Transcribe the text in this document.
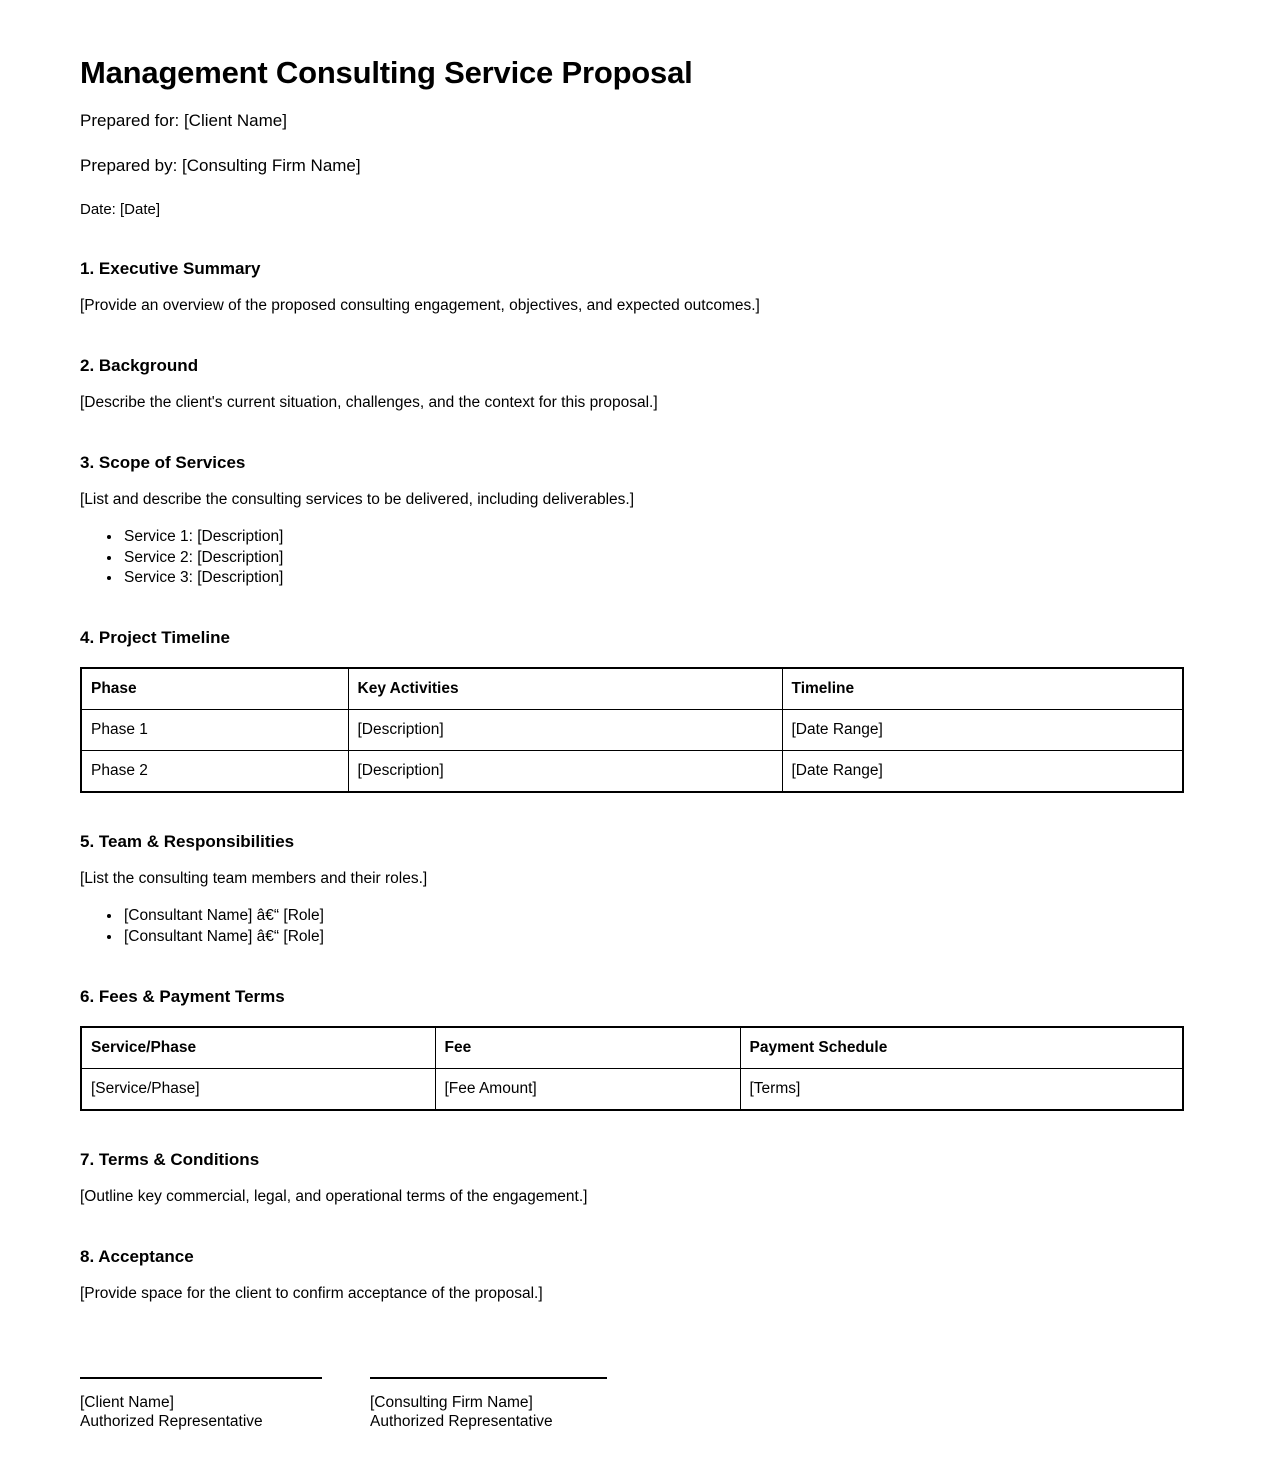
Management Consulting Service Proposal

Prepared for: [Client Name]

Prepared by: [Consulting Firm Name]

Date: [Date]

1. Executive Summary

[Provide an overview of the proposed consulting engagement, objectives, and expected outcomes.]

2. Background

[Describe the client's current situation, challenges, and the context for this proposal.]

3. Scope of Services

[List and describe the consulting services to be delivered, including deliverables.]

• Service 1: [Description]
• Service 2: [Description]
• Service 3: [Description]
4. Project Timeline
Phase	Key Activities	Timeline
Phase 1	[Description]	[Date Range]
Phase 2	[Description]	[Date Range]
5. Team & Responsibilities

[List the consulting team members and their roles.]

• [Consultant Name] â€“ [Role]
• [Consultant Name] â€“ [Role]
6. Fees & Payment Terms
Service/Phase	Fee	Payment Schedule
[Service/Phase]	[Fee Amount]	[Terms]
7. Terms & Conditions

[Outline key commercial, legal, and operational terms of the engagement.]

8. Acceptance

[Provide space for the client to confirm acceptance of the proposal.]

[Client Name]
Authorized Representative
[Consulting Firm Name]
Authorized Representative
